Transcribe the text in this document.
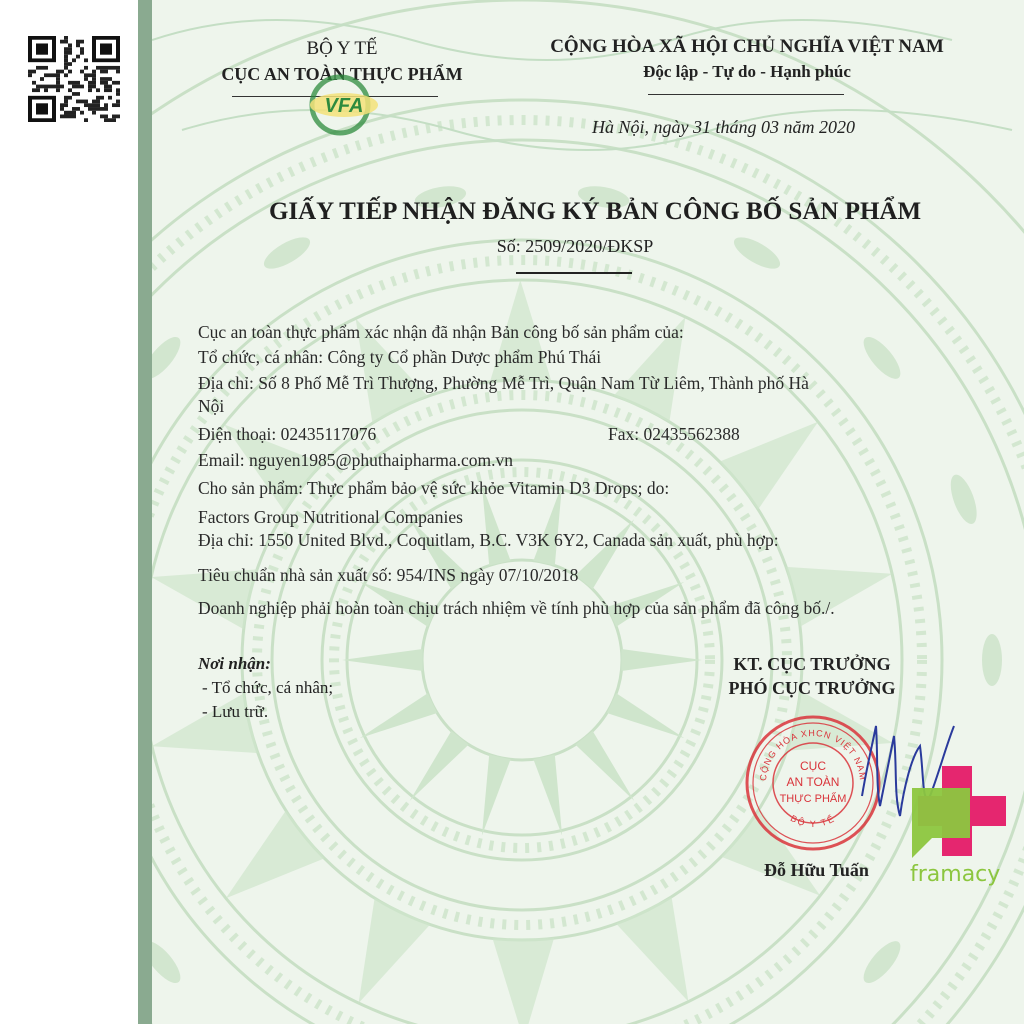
BỘ Y TẾ
CỤC AN TOÀN THỰC PHẨM
VFA
CỘNG HÒA XÃ HỘI CHỦ NGHĨA VIỆT NAM
Độc lập - Tự do - Hạnh phúc
Hà Nội, ngày 31 tháng 03 năm 2020
GIẤY TIẾP NHẬN ĐĂNG KÝ BẢN CÔNG BỐ SẢN PHẨM
Số: 2509/2020/ĐKSP
Cục an toàn thực phẩm xác nhận đã nhận Bản công bố sản phẩm của:
Tổ chức, cá nhân: Công ty Cổ phần Dược phẩm Phú Thái
Địa chỉ: Số 8 Phố Mễ Trì Thượng, Phường Mễ Trì, Quận Nam Từ Liêm, Thành phố Hà
Nội
Điện thoại: 02435117076	Fax: 02435562388
Email: nguyen1985@phuthaipharma.com.vn
Cho sản phẩm: Thực phẩm bảo vệ sức khỏe Vitamin D3 Drops; do:
Factors Group Nutritional Companies
Địa chỉ: 1550 United Blvd., Coquitlam, B.C. V3K 6Y2, Canada sản xuất, phù hợp:
Tiêu chuẩn nhà sản xuất số: 954/INS ngày 07/10/2018
Doanh nghiệp phải hoàn toàn chịu trách nhiệm về tính phù hợp của sản phẩm đã công bố./.
Nơi nhận:
- Tổ chức, cá nhân;
- Lưu trữ.
KT. CỤC TRƯỞNG
PHÓ CỤC TRƯỞNG
CỘNG HÒA XHCN VIỆT NAM
BỘ Y TẾ
CỤC
AN TOÀN
THỰC PHẨM
Đỗ Hữu Tuấn framacy
